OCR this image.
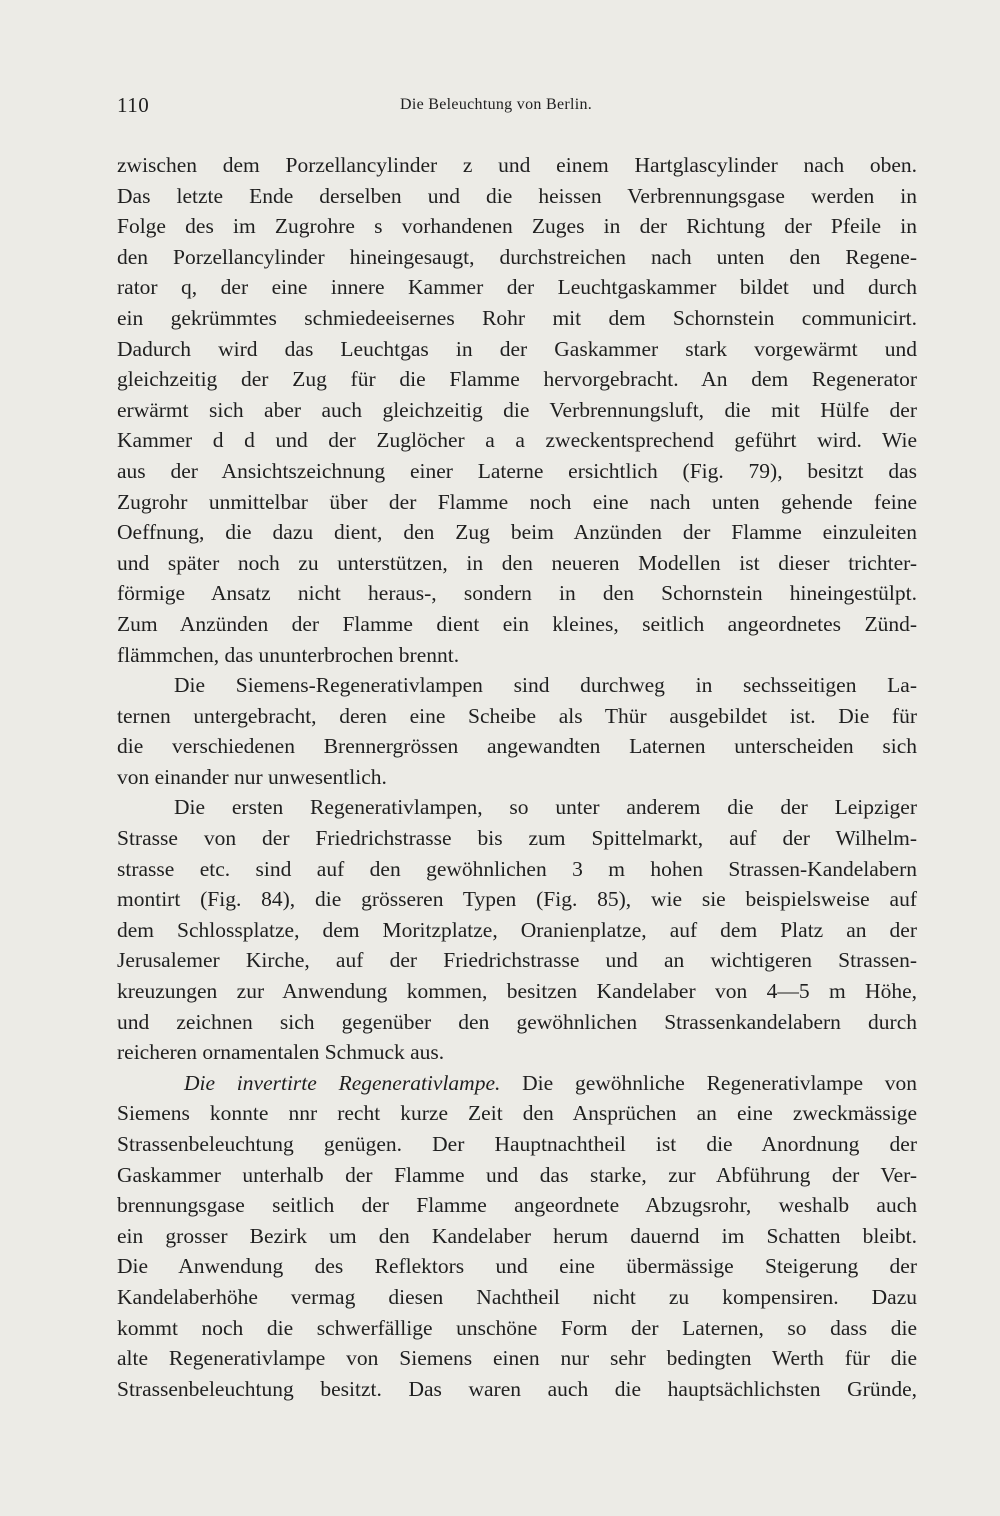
110	Die Beleuchtung von Berlin.
zwischen dem Porzellancylinder z und einem Hartglascylinder nach oben.
Das letzte Ende derselben und die heissen Verbrennungsgase werden in
Folge des im Zugrohre s vorhandenen Zuges in der Richtung der Pfeile in
den Porzellancylinder hineingesaugt, durchstreichen nach unten den Regene-
rator q, der eine innere Kammer der Leuchtgaskammer bildet und durch
ein gekrümmtes schmiedeeisernes Rohr mit dem Schornstein communicirt.
Dadurch wird das Leuchtgas in der Gaskammer stark vorgewärmt und
gleichzeitig der Zug für die Flamme hervorgebracht. An dem Regenerator
erwärmt sich aber auch gleichzeitig die Verbrennungsluft, die mit Hülfe der
Kammer d d und der Zuglöcher a a zweckentsprechend geführt wird. Wie
aus der Ansichtszeichnung einer Laterne ersichtlich (Fig. 79), besitzt das
Zugrohr unmittelbar über der Flamme noch eine nach unten gehende feine
Oeffnung, die dazu dient, den Zug beim Anzünden der Flamme einzuleiten
und später noch zu unterstützen, in den neueren Modellen ist dieser trichter-
förmige Ansatz nicht heraus-, sondern in den Schornstein hineingestülpt.
Zum Anzünden der Flamme dient ein kleines, seitlich angeordnetes Zünd-
flämmchen, das ununterbrochen brennt.
Die Siemens-Regenerativlampen sind durchweg in sechsseitigen La-
ternen untergebracht, deren eine Scheibe als Thür ausgebildet ist. Die für
die verschiedenen Brennergrössen angewandten Laternen unterscheiden sich
von einander nur unwesentlich.
Die ersten Regenerativlampen, so unter anderem die der Leipziger
Strasse von der Friedrichstrasse bis zum Spittelmarkt, auf der Wilhelm-
strasse etc. sind auf den gewöhnlichen 3 m hohen Strassen-Kandelabern
montirt (Fig. 84), die grösseren Typen (Fig. 85), wie sie beispielsweise auf
dem Schlossplatze, dem Moritzplatze, Oranienplatze, auf dem Platz an der
Jerusalemer Kirche, auf der Friedrichstrasse und an wichtigeren Strassen-
kreuzungen zur Anwendung kommen, besitzen Kandelaber von 4—5 m Höhe,
und zeichnen sich gegenüber den gewöhnlichen Strassenkandelabern durch
reicheren ornamentalen Schmuck aus.
Die invertirte Regenerativlampe. Die gewöhnliche Regenerativlampe von
Siemens konnte nnr recht kurze Zeit den Ansprüchen an eine zweckmässige
Strassenbeleuchtung genügen. Der Hauptnachtheil ist die Anordnung der
Gaskammer unterhalb der Flamme und das starke, zur Abführung der Ver-
brennungsgase seitlich der Flamme angeordnete Abzugsrohr, weshalb auch
ein grosser Bezirk um den Kandelaber herum dauernd im Schatten bleibt.
Die Anwendung des Reflektors und eine übermässige Steigerung der
Kandelaberhöhe vermag diesen Nachtheil nicht zu kompensiren. Dazu
kommt noch die schwerfällige unschöne Form der Laternen, so dass die
alte Regenerativlampe von Siemens einen nur sehr bedingten Werth für die
Strassenbeleuchtung besitzt. Das waren auch die hauptsächlichsten Gründe,
